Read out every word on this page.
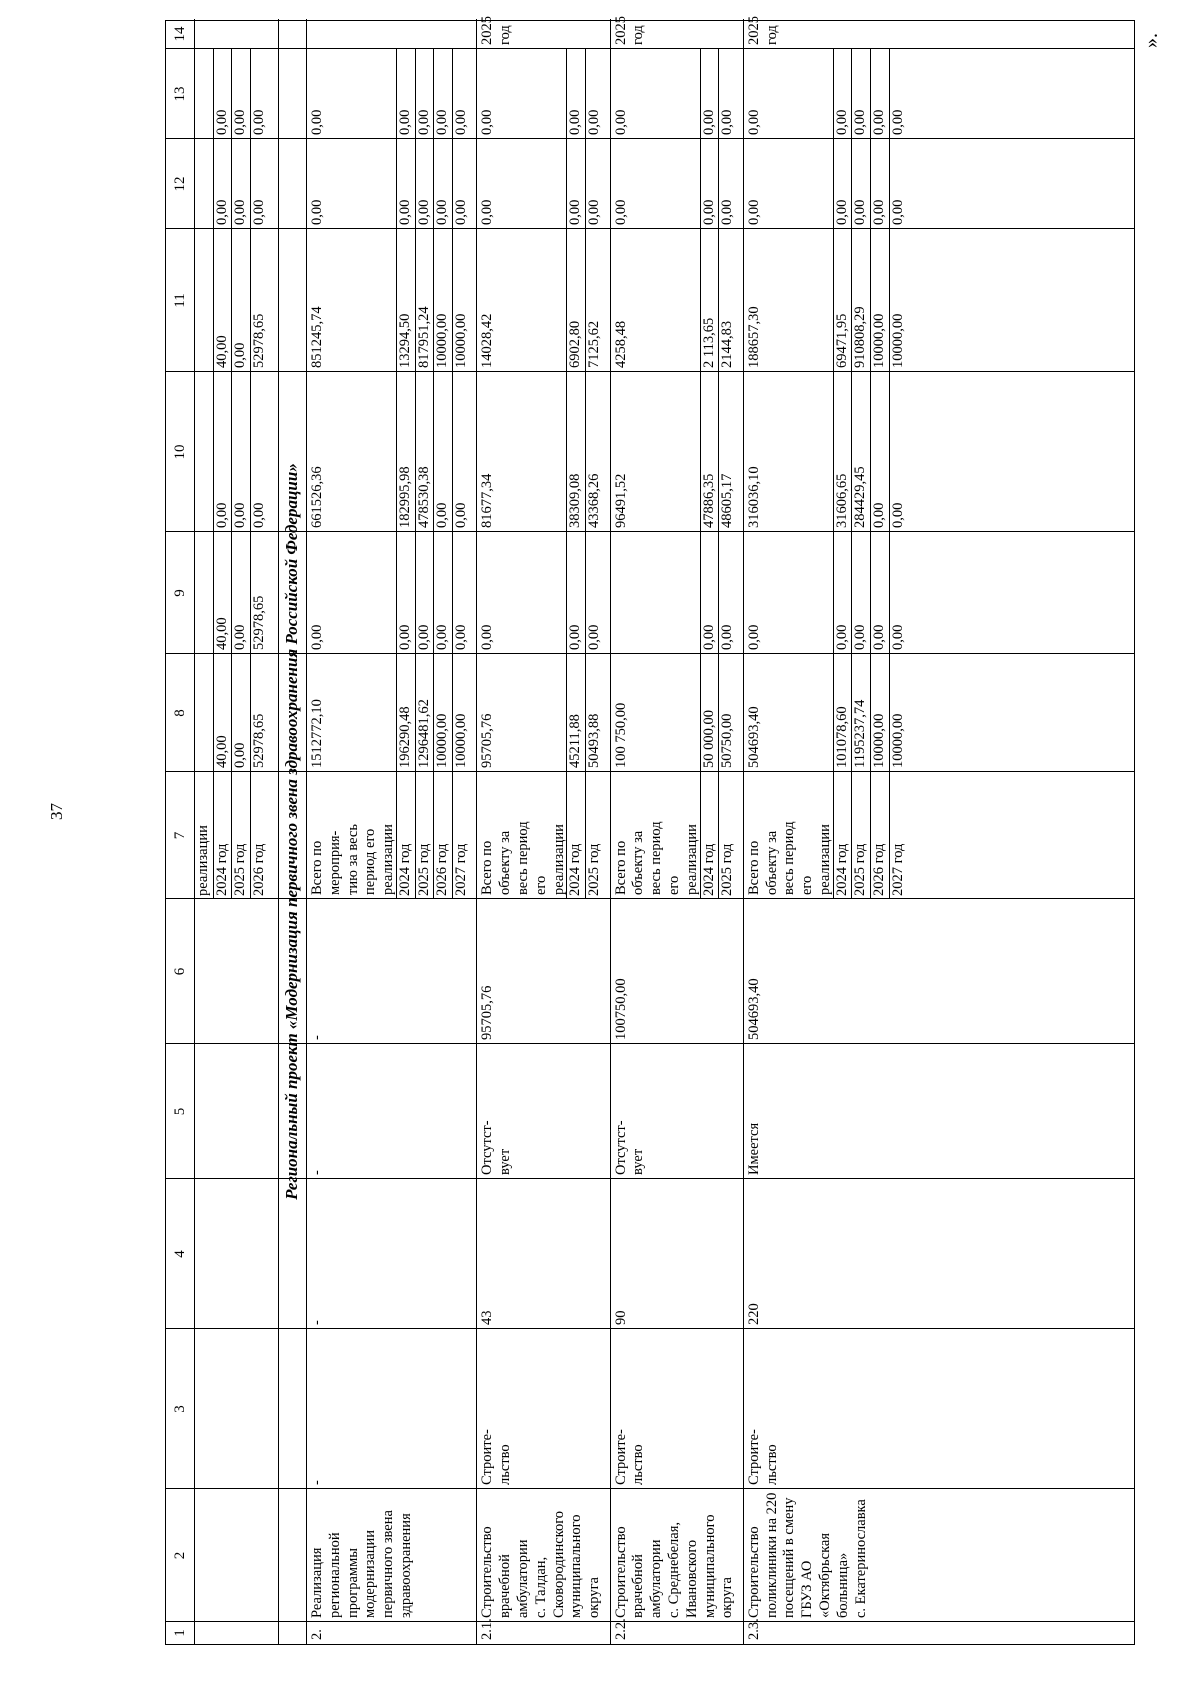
37
1
2
3
4
5
6
7
8
9
10
11
12
13
14
реализации 2024 год
40,00
40,00
0,00
40,00
0,00
0,00
2025 год
0,00
0,00
0,00
0,00
0,00
0,00
2026 год
52978,65
52978,65
0,00
52978,65
0,00
0,00
Региональный проект «Модернизация первичного звена здравоохранения Российской Федерации»
2.
Реализация
региональной
программы
модернизации
первичного звена
здравоохранения
-
-
-
-
Всего по
мероприя-
тию за весь
период его
реализации
1512772,10
0,00
661526,36
851245,74
0,00
0,00
2024 год
196290,48
0,00
182995,98
13294,50
0,00
0,00
2025 год
1296481,62
0,00
478530,38
817951,24
0,00
0,00
2026 год
10000,00
0,00
0,00
10000,00
0,00
0,00
2027 год
10000,00
0,00
0,00
10000,00
0,00
0,00
2.1.
Строительство
врачебной
амбулатории
с. Талдан,
Сковородинского
муниципального
округа
Строите-
льство
43
Отсутст-
вует
95705,76
Всего по
объекту за
весь период
его
реализации
95705,76
0,00
81677,34
14028,42
0,00
0,00
2025 год
2024 год
45211,88
0,00
38309,08
6902,80
0,00
0,00
2025 год
50493,88
0,00
43368,26
7125,62
0,00
0,00
2.2.
Строительство
врачебной
амбулатории
с. Среднебелая,
Ивановского
муниципального
округа
Строите-
льство
90
Отсутст-
вует
100750,00
Всего по
объекту за
весь период
его
реализации
100 750,00
96491,52
4258,48
0,00
0,00
2025 год
2024 год
50 000,00
0,00
47886,35
2 113,65
0,00
0,00
2025 год
50750,00
0,00
48605,17
2144,83
0,00
0,00
2.3.
Строительство
поликлиники на 220
посещений в смену
ГБУЗ АО
«Октябрьская
больница»
с. Екатеринославка
Строите-
льство
220
Имеется
504693,40
Всего по
объекту за
весь период
его
реализации
504693,40
0,00
316036,10
188657,30
0,00
0,00
2025 год
2024 год
101078,60
0,00
31606,65
69471,95
0,00
0,00
2025 год
1195237,74
0,00
284429,45
910808,29
0,00
0,00
2026 год
10000,00
0,00
0,00
10000,00
0,00
0,00
2027 год
10000,00
0,00
0,00
10000,00
0,00
0,00
».
